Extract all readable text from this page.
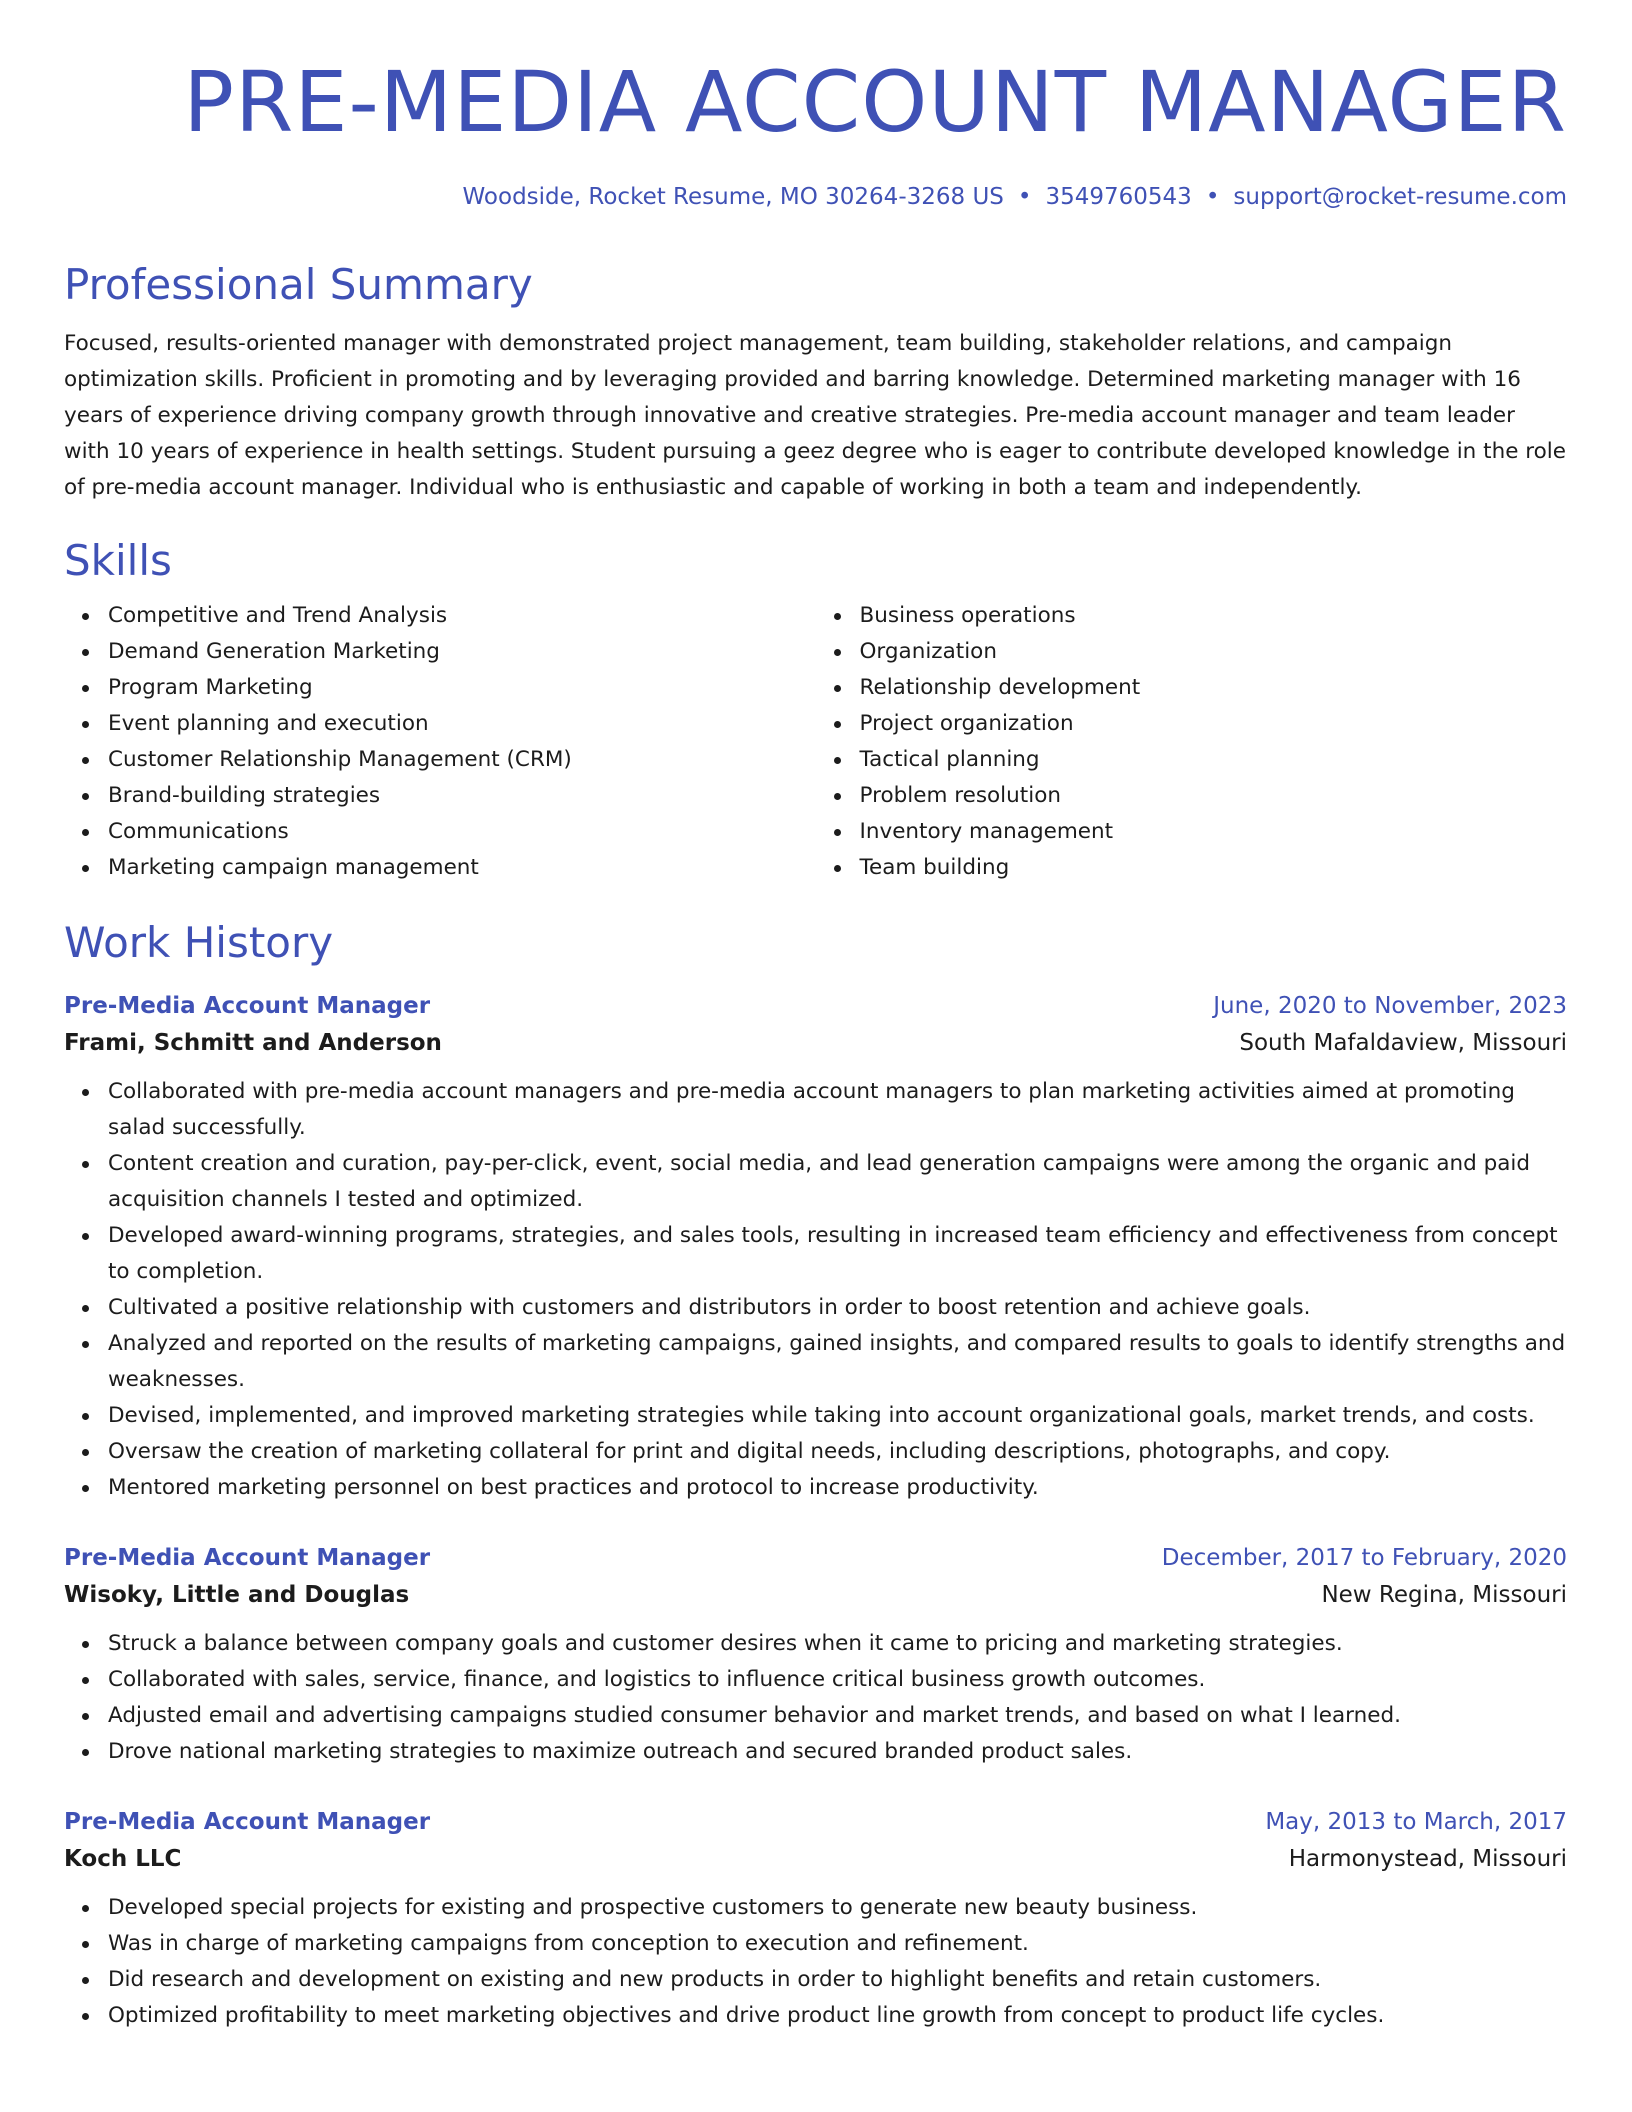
PRE-MEDIA ACCOUNT MANAGER
Woodside, Rocket Resume, MO 30264-3268 US • 3549760543 • support@rocket-resume.com
Professional Summary
Focused, results-oriented manager with demonstrated project management, team building, stakeholder relations, and campaign optimization skills. Proficient in promoting and by leveraging provided and barring knowledge. Determined marketing manager with 16 years of experience driving company growth through innovative and creative strategies. Pre-media account manager and team leader with 10 years of experience in health settings. Student pursuing a geez degree who is eager to contribute developed knowledge in the role of pre-media account manager. Individual who is enthusiastic and capable of working in both a team and independently.
Skills
Competitive and Trend Analysis
Demand Generation Marketing
Program Marketing
Event planning and execution
Customer Relationship Management (CRM)
Brand-building strategies
Communications
Marketing campaign management
Business operations
Organization
Relationship development
Project organization
Tactical planning
Problem resolution
Inventory management
Team building
Work History
Pre-Media Account Manager	June, 2020 to November, 2023
Frami, Schmitt and Anderson	South Mafaldaview, Missouri
Collaborated with pre-media account managers and pre-media account managers to plan marketing activities aimed at promoting salad successfully.
Content creation and curation, pay-per-click, event, social media, and lead generation campaigns were among the organic and paid acquisition channels I tested and optimized.
Developed award-winning programs, strategies, and sales tools, resulting in increased team efficiency and effectiveness from concept to completion.
Cultivated a positive relationship with customers and distributors in order to boost retention and achieve goals.
Analyzed and reported on the results of marketing campaigns, gained insights, and compared results to goals to identify strengths and weaknesses.
Devised, implemented, and improved marketing strategies while taking into account organizational goals, market trends, and costs.
Oversaw the creation of marketing collateral for print and digital needs, including descriptions, photographs, and copy.
Mentored marketing personnel on best practices and protocol to increase productivity.
Pre-Media Account Manager	December, 2017 to February, 2020
Wisoky, Little and Douglas	New Regina, Missouri
Struck a balance between company goals and customer desires when it came to pricing and marketing strategies.
Collaborated with sales, service, finance, and logistics to influence critical business growth outcomes.
Adjusted email and advertising campaigns studied consumer behavior and market trends, and based on what I learned.
Drove national marketing strategies to maximize outreach and secured branded product sales.
Pre-Media Account Manager	May, 2013 to March, 2017
Koch LLC	Harmonystead, Missouri
Developed special projects for existing and prospective customers to generate new beauty business.
Was in charge of marketing campaigns from conception to execution and refinement.
Did research and development on existing and new products in order to highlight benefits and retain customers.
Optimized profitability to meet marketing objectives and drive product line growth from concept to product life cycles.
